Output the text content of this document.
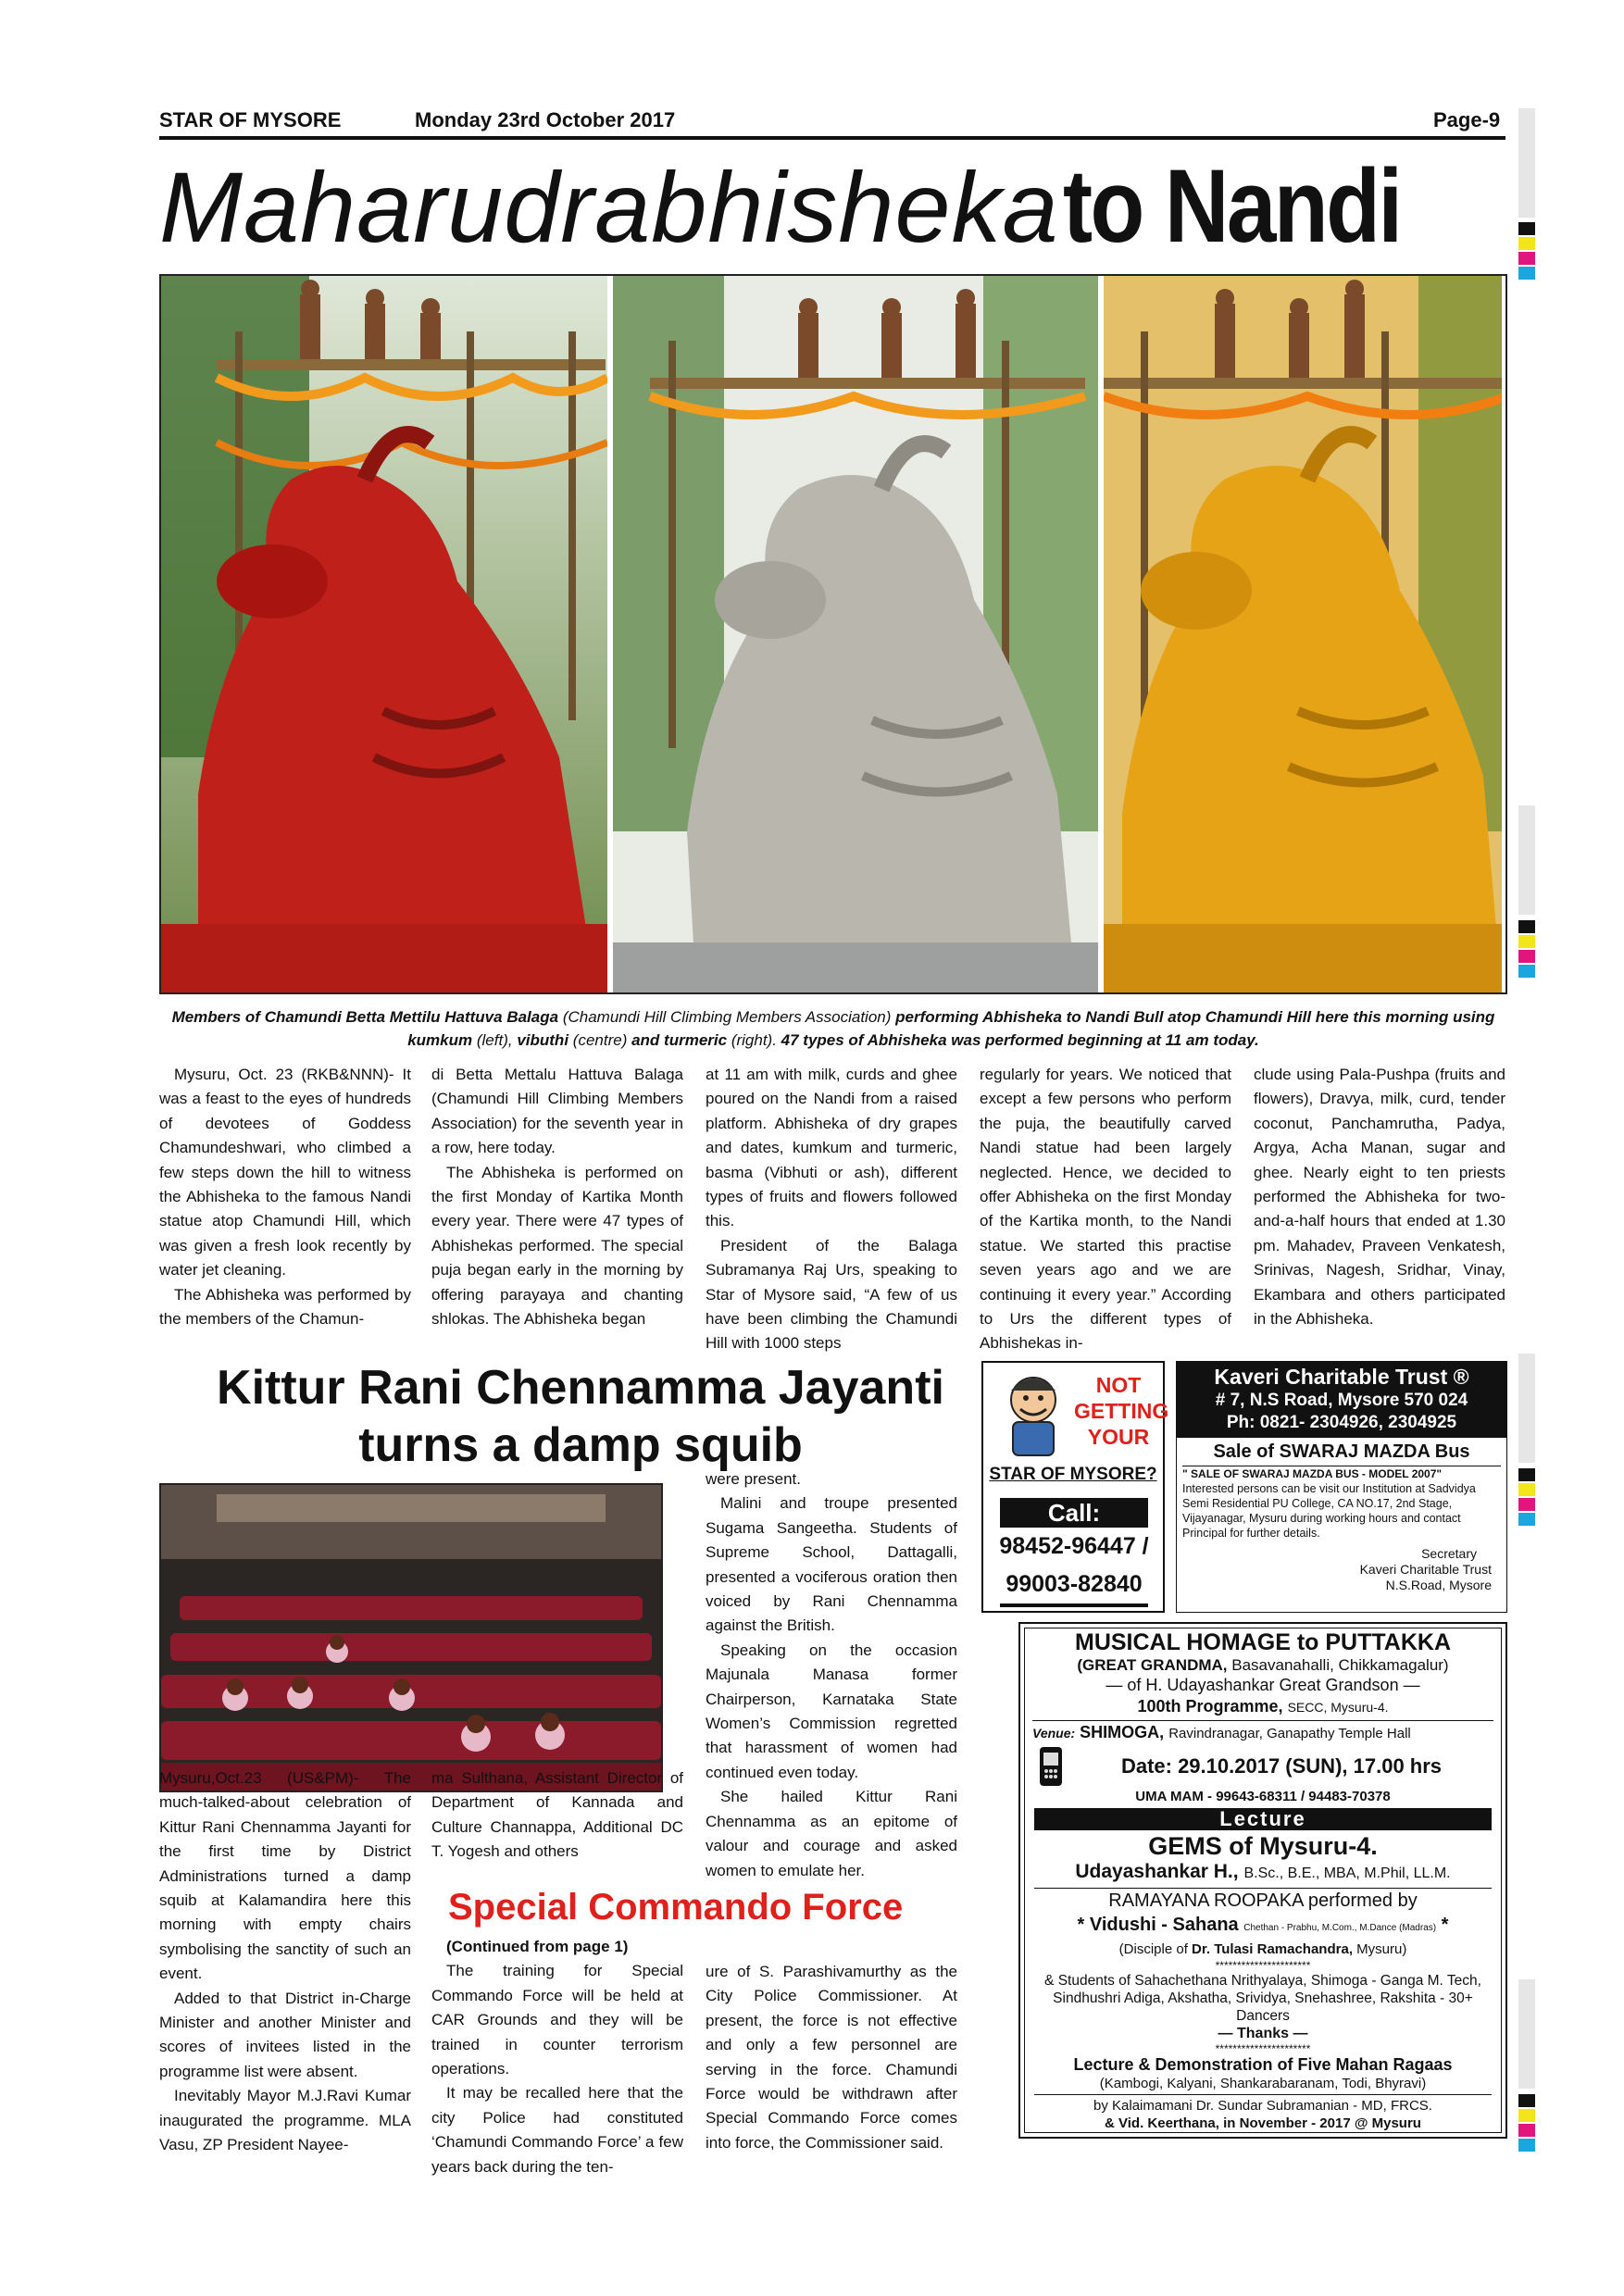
STAR OF MYSORE	Monday 23rd October 2017	Page-9
Maharudrabhisheka to Nandi
Members of Chamundi Betta Mettilu Hattuva Balaga (Chamundi Hill Climbing Members Association) performing Abhisheka to Nandi Bull atop Chamundi Hill here this morning using kumkum (left), vibuthi (centre) and turmeric (right). 47 types of Abhisheka was performed beginning at 11 am today.

Mysuru, Oct. 23 (RKB&NNN)- It was a feast to the eyes of hundreds of devotees of Goddess Chamundeshwari, who climbed a few steps down the hill to witness the Abhisheka to the famous Nandi statue atop Chamundi Hill, which was given a fresh look recently by water jet cleaning.

The Abhisheka was performed by the members of the Chamun-

di Betta Mettalu Hattuva Balaga (Chamundi Hill Climbing Members Association) for the seventh year in a row, here today.

The Abhisheka is performed on the first Monday of Kartika Month every year. There were 47 types of Abhishekas performed. The special puja began early in the morning by offering parayaya and chanting shlokas. The Abhisheka began

at 11 am with milk, curds and ghee poured on the Nandi from a raised platform. Abhisheka of dry grapes and dates, kumkum and turmeric, basma (Vibhuti or ash), different types of fruits and flowers followed this.

President of the Balaga Subramanya Raj Urs, speaking to Star of Mysore said, “A few of us have been climbing the Chamundi Hill with 1000 steps

regularly for years. We noticed that except a few persons who perform the puja, the beautifully carved Nandi statue had been largely neglected. Hence, we decided to offer Abhisheka on the first Monday of the Kartika month, to the Nandi statue. We started this practise seven years ago and we are continuing it every year.” According to Urs the different types of Abhishekas in-

clude using Pala-Pushpa (fruits and flowers), Dravya, milk, curd, tender coconut, Panchamrutha, Padya, Argya, Acha Manan, sugar and ghee. Nearly eight to ten priests performed the Abhisheka for two-and-a-half hours that ended at 1.30 pm. Mahadev, Praveen Venkatesh, Srinivas, Nagesh, Sridhar, Vinay, Ekambara and others participated in the Abhisheka.

Kittur Rani Chennamma Jayanti
turns a damp squib

Mysuru,Oct.23 (US&PM)- The much-talked-about celebration of Kittur Rani Chennamma Jayanti for the first time by District Administrations turned a damp squib at Kalamandira here this morning with empty chairs symbolising the sanctity of such an event.

Added to that District in-Charge Minister and another Minister and scores of invitees listed in the programme list were absent.

Inevitably Mayor M.J.Ravi Kumar inaugurated the programme. MLA Vasu, ZP President Nayee-

ma Sulthana, Assistant Director of Department of Kannada and Culture Channappa, Additional DC T. Yogesh and others

were present.

Malini and troupe presented Sugama Sangeetha. Students of Supreme School, Dattagalli, presented a vociferous oration then voiced by Rani Chennamma against the British.

Speaking on the occasion Majunala Manasa former Chairperson, Karnataka State Women’s Commission regretted that harassment of women had continued even today.

She hailed Kittur Rani Chennamma as an epitome of valour and courage and asked women to emulate her.

Special Commando Force

(Continued from page 1)

The training for Special Commando Force will be held at CAR Grounds and they will be trained in counter terrorism operations.

It may be recalled here that the city Police had constituted ‘Chamundi Commando Force’ a few years back during the ten-

ure of S. Parashivamurthy as the City Police Commissioner. At present, the force is not effective and only a few personnel are serving in the force. Chamundi Force would be withdrawn after Special Commando Force comes into force, the Commissioner said.

NOT
GETTING
YOUR
STAR OF MYSORE?
Call:
98452-96447 /
99003-82840
Kaveri Charitable Trust ®
# 7, N.S Road, Mysore 570 024
Ph: 0821- 2304926, 2304925
Sale of SWARAJ MAZDA Bus
" SALE OF SWARAJ MAZDA BUS - MODEL 2007"
Interested persons can be visit our Institution at Sadvidya Semi Residential PU College, CA NO.17, 2nd Stage, Vijayanagar, Mysuru during working hours and contact Principal for further details.
Secretary
Kaveri Charitable Trust
N.S.Road, Mysore
MUSICAL HOMAGE to PUTTAKKA
(GREAT GRANDMA, Basavanahalli, Chikkamagalur)
— of H. Udayashankar Great Grandson —
100th Programme, SECC, Mysuru-4.
Venue: SHIMOGA, Ravindranagar, Ganapathy Temple Hall
Date: 29.10.2017 (SUN), 17.00 hrs
UMA MAM - 99643-68311 / 94483-70378
Lecture
GEMS of Mysuru-4.
Udayashankar H., B.Sc., B.E., MBA, M.Phil, LL.M.
RAMAYANA ROOPAKA performed by
* Vidushi - Sahana Chethan - Prabhu, M.Com., M.Dance (Madras) *
(Disciple of Dr. Tulasi Ramachandra, Mysuru)
**********************
& Students of Sahachethana Nrithyalaya, Shimoga - Ganga M. Tech, Sindhushri Adiga, Akshatha, Srividya, Snehashree, Rakshita - 30+ Dancers
— Thanks —
**********************
Lecture & Demonstration of Five Mahan Ragaas
(Kambogi, Kalyani, Shankarabaranam, Todi, Bhyravi)
by Kalaimamani Dr. Sundar Subramanian - MD, FRCS.
& Vid. Keerthana, in November - 2017 @ Mysuru
